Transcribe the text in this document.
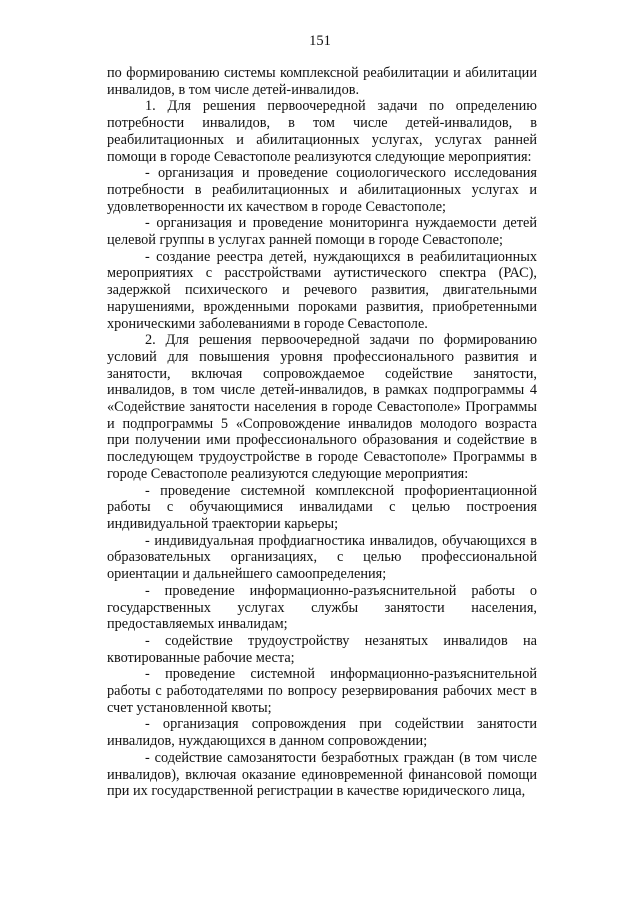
151

по формированию системы комплексной реабилитации и абилитации инвалидов, в том числе детей-инвалидов.

1. Для решения первоочередной задачи по определению потребности инвалидов, в том числе детей-инвалидов, в реабилитационных и абилитационных услугах, услугах ранней помощи в городе Севастополе реализуются следующие мероприятия:

- организация и проведение социологического исследования потребности в реабилитационных и абилитационных услугах и удовлетворенности их качеством в городе Севастополе;

- организация и проведение мониторинга нуждаемости детей целевой группы в услугах ранней помощи в городе Севастополе;

- создание реестра детей, нуждающихся в реабилитационных мероприятиях с расстройствами аутистического спектра (РАС), задержкой психического и речевого развития, двигательными нарушениями, врожденными пороками развития, приобретенными хроническими заболеваниями в городе Севастополе.

2. Для решения первоочередной задачи по формированию условий для повышения уровня профессионального развития и занятости, включая сопровождаемое содействие занятости, инвалидов, в том числе детей-инвалидов, в рамках подпрограммы 4 «Содействие занятости населения в городе Севастополе» Программы и подпрограммы 5 «Сопровождение инвалидов молодого возраста при получении ими профессионального образования и содействие в последующем трудоустройстве в городе Севастополе» Программы в городе Севастополе реализуются следующие мероприятия:

- проведение системной комплексной профориентационной работы с обучающимися инвалидами с целью построения индивидуальной траектории карьеры;

- индивидуальная профдиагностика инвалидов, обучающихся в образовательных организациях, с целью профессиональной ориентации и дальнейшего самоопределения;

- проведение информационно-разъяснительной работы о государственных услугах службы занятости населения, предоставляемых инвалидам;

- содействие трудоустройству незанятых инвалидов на квотированные рабочие места;

- проведение системной информационно-разъяснительной работы с работодателями по вопросу резервирования рабочих мест в счет установленной квоты;

- организация сопровождения при содействии занятости инвалидов, нуждающихся в данном сопровождении;

- содействие самозанятости безработных граждан (в том числе инвалидов), включая оказание единовременной финансовой помощи при их государственной регистрации в качестве юридического лица,
